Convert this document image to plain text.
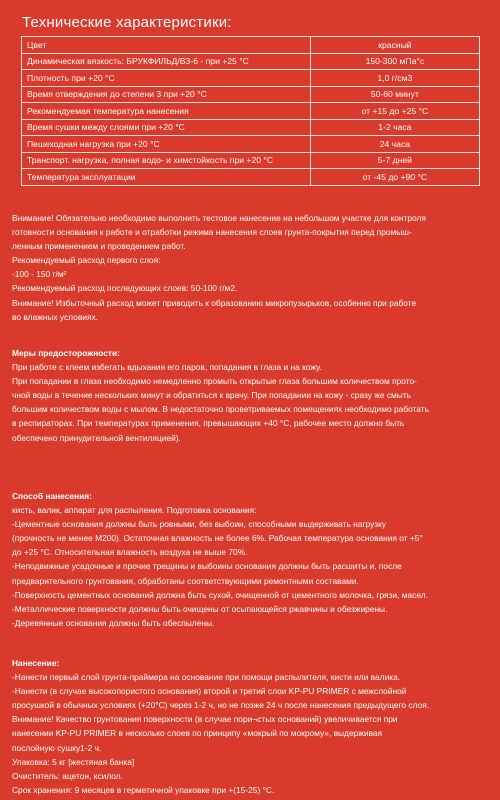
Технические характеристики:
Цвет	красный
Динамическая вязкость: БРУКФИЛЬД/ВЗ-6 - при +25 °С	150-300 мПа°с
Плотность при +20 °С	1,0 г/см3
Время отверждения до степени 3 при +20 °С	50-60 минут
Рекомендуемая температура нанесения	от +15 до +25 °С
Время сушки между слоями при +20 °С	1-2 часа
Пешеходная нагрузка при +20 °С	24 часа
Транспорт. нагрузка, полная водо- и химстойкость при +20 °С	5-7 дней
Температура эксплуатации	от -45 до +90 °С

Внимание! Обязательно необходимо выполнить тестовое нанесение на небольшом участке для контроля

готовности основания к работе и отработки режима нанесения слоев грунта-покрытия перед промыш-

ленным применением и проведением работ.

Рекомендуемый расход первого слоя:

-100 - 150 г/м²

Рекомендуемый расход последующих слоев: 50-100 г/м2.

Внимание! Избыточный расход может приводить к образованию микропузырьков, особенно при работе

во влажных условиях.

Меры предосторожности:

При работе с клеем избегать вдыхания его паров, попадания в глаза и на кожу.

При попадании в глаза необходимо немедленно промыть открытые глаза большим количеством прото-

чной воды в течение нескольких минут и обратиться к врачу. При попадании на кожу - сразу же смыть

большим количеством воды с мылом. В недостаточно проветриваемых помещениях необходимо работать

в респираторах. При температурах применения, превышающих +40 °С, рабочее место должно быть

обеспечено принудительной вентиляцией).

Способ нанесения:

кисть, валик, аппарат для распыления. Подготовка основания:

-Цементные основания должны быть ровными, без выбоин, способными выдерживать нагрузку

(прочность не менее М200). Остаточная влажность не более 6%. Рабочая температура основания от +5°

до +25 °С. Относительная влажность воздуха не выше 70%.

-Неподвижные усадочные и прочие трещины и выбоины основания должны быть расшиты и, после

предварительного грунтования, обработаны соответствующими ремонтными составами.

-Поверхность цементных оснований должна быть сухой, очищенной от цементного молочка, грязи, масел.

-Металлические поверхности должны быть очищены от осыпающейся ржавчины и обезжирены.

-Деревянные основания должны быть обеспылены.

Нанесение:

-Нанести первый слой грунта-праймера на основание при помощи распылителя, кисти или валика.

-Нанести (в случае высокопористого основания) второй и третий слои KP-PU PRIMER с межслойной

просушкой в обычных условиях (+20°С) через 1-2 ч, но не позже 24 ч после нанесения предыдущего слоя.

Внимание! Качество грунтования поверхности (в случае пори¬стых оснований) увеличивается при

нанесении KP-PU PRIMER в несколько слоев по принципу «мокрый по мокрому», выдерживая

послойную сушку1-2 ч.

Упаковка: 5 кг [жестяная банка]

Очиститель: ацетон, ксилол.

Срок хранения: 9 месяцев в герметичной упаковке при +(15-25) °С.
